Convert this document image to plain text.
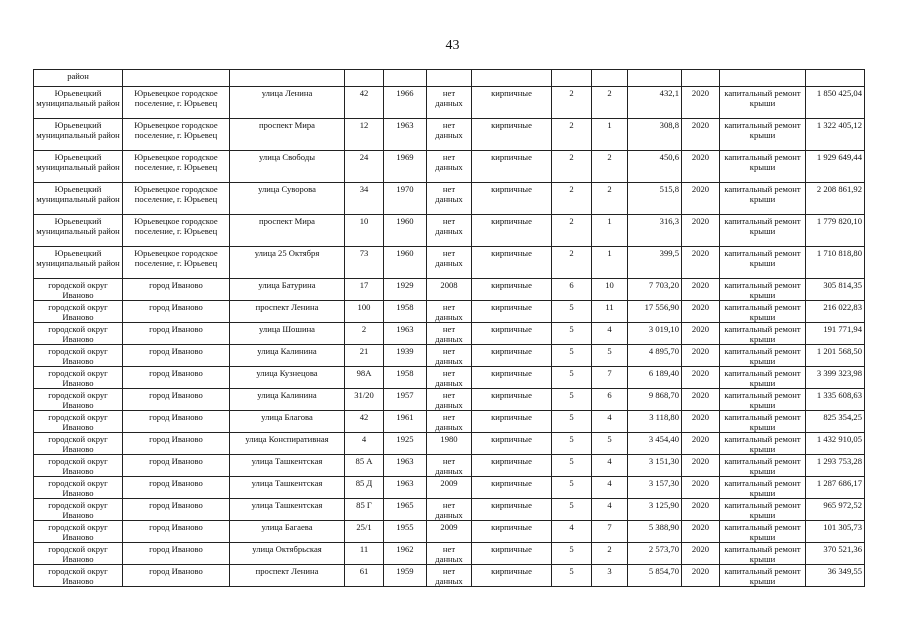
43
район												
Юрьевецкий муниципальный район	Юрьевецкое городское поселение, г. Юрьевец	улица Ленина	42	1966	нет данных	кирпичные	2	2	432,1	2020	капитальный ремонт крыши	1 850 425,04
Юрьевецкий муниципальный район	Юрьевецкое городское поселение, г. Юрьевец	проспект Мира	12	1963	нет данных	кирпичные	2	1	308,8	2020	капитальный ремонт крыши	1 322 405,12
Юрьевецкий муниципальный район	Юрьевецкое городское поселение, г. Юрьевец	улица Свободы	24	1969	нет данных	кирпичные	2	2	450,6	2020	капитальный ремонт крыши	1 929 649,44
Юрьевецкий муниципальный район	Юрьевецкое городское поселение, г. Юрьевец	улица Суворова	34	1970	нет данных	кирпичные	2	2	515,8	2020	капитальный ремонт крыши	2 208 861,92
Юрьевецкий муниципальный район	Юрьевецкое городское поселение, г. Юрьевец	проспект Мира	10	1960	нет данных	кирпичные	2	1	316,3	2020	капитальный ремонт крыши	1 779 820,10
Юрьевецкий муниципальный район	Юрьевецкое городское поселение, г. Юрьевец	улица 25 Октября	73	1960	нет данных	кирпичные	2	1	399,5	2020	капитальный ремонт крыши	1 710 818,80
городской округ Иваново	город Иваново	улица Батурина	17	1929	2008	кирпичные	6	10	7 703,20	2020	капитальный ремонт крыши	305 814,35
городской округ Иваново	город Иваново	проспект Ленина	100	1958	нет данных	кирпичные	5	11	17 556,90	2020	капитальный ремонт крыши	216 022,83
городской округ Иваново	город Иваново	улица Шошина	2	1963	нет данных	кирпичные	5	4	3 019,10	2020	капитальный ремонт крыши	191 771,94
городской округ Иваново	город Иваново	улица Калинина	21	1939	нет данных	кирпичные	5	5	4 895,70	2020	капитальный ремонт крыши	1 201 568,50
городской округ Иваново	город Иваново	улица Кузнецова	98А	1958	нет данных	кирпичные	5	7	6 189,40	2020	капитальный ремонт крыши	3 399 323,98
городской округ Иваново	город Иваново	улица Калинина	31/20	1957	нет данных	кирпичные	5	6	9 868,70	2020	капитальный ремонт крыши	1 335 608,63
городской округ Иваново	город Иваново	улица Благова	42	1961	нет данных	кирпичные	5	4	3 118,80	2020	капитальный ремонт крыши	825 354,25
городской округ Иваново	город Иваново	улица Конспиративная	4	1925	1980	кирпичные	5	5	3 454,40	2020	капитальный ремонт крыши	1 432 910,05
городской округ Иваново	город Иваново	улица Ташкентская	85 А	1963	нет данных	кирпичные	5	4	3 151,30	2020	капитальный ремонт крыши	1 293 753,28
городской округ Иваново	город Иваново	улица Ташкентская	85 Д	1963	2009	кирпичные	5	4	3 157,30	2020	капитальный ремонт крыши	1 287 686,17
городской округ Иваново	город Иваново	улица Ташкентская	85 Г	1965	нет данных	кирпичные	5	4	3 125,90	2020	капитальный ремонт крыши	965 972,52
городской округ Иваново	город Иваново	улица Багаева	25/1	1955	2009	кирпичные	4	7	5 388,90	2020	капитальный ремонт крыши	101 305,73
городской округ Иваново	город Иваново	улица Октябрьская	11	1962	нет данных	кирпичные	5	2	2 573,70	2020	капитальный ремонт крыши	370 521,36
городской округ Иваново	город Иваново	проспект Ленина	61	1959	нет данных	кирпичные	5	3	5 854,70	2020	капитальный ремонт крыши	36 349,55
